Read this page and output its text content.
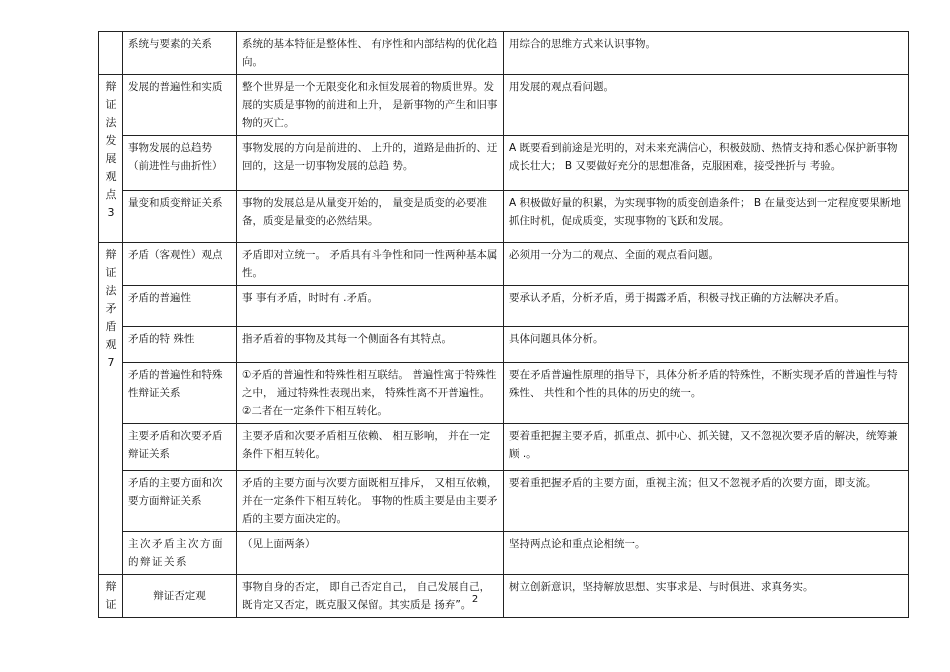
	系统与要素的关系	系统的基本特征是整体性、 有序性和内部结构的优化趋向。	用综合的思维方式来认识事物。
辩证法发展观点3	发展的普遍性和实质	整个世界是一个无限变化和永恒发展着的物质世界。发展的实质是事物的前进和上升， 是新事物的产生和旧事物的灭亡。	用发展的观点看问题。
	事物发展的总趋势（前进性与曲折性）	事物发展的方向是前进的、 上升的，道路是曲折的、迂回的，这是一切事物发展的总趋 势。	A 既要看到前途是光明的，对未来充满信心，积极鼓励、热情支持和悉心保护新事物成长壮大； B 又要做好充分的思想准备，克服困难，接受挫折与 考验。
	量变和质变辩证关系	事物的发展总是从量变开始的， 量变是质变的必要准备，质变是量变的必然结果。	A 积极做好量的积累，为实现事物的质变创造条件； B 在量变达到一定程度要果断地抓住时机，促成质变，实现事物的飞跃和发展。
辩证法矛盾观7	矛盾（客观性）观点	矛盾即对立统一。 矛盾具有斗争性和同一性两种基本属性。	必须用一分为二的观点、全面的观点看问题。
	矛盾的普遍性	事 事有矛盾，时时有 .矛盾。	要承认矛盾，分析矛盾，勇于揭露矛盾，积极寻找正确的方法解决矛盾。
	矛盾的特 殊性	指矛盾着的事物及其每一个侧面各有其特点。	具体问题具体分析。
	矛盾的普遍性和特殊性辩证关系	①矛盾的普遍性和特殊性相互联结。 普遍性寓于特殊性之中， 通过特殊性表现出来， 特殊性离不开普遍性。②二者在一定条件下相互转化。	要在矛盾普遍性原理的指导下，具体分析矛盾的特殊性，不断实现矛盾的普遍性与特殊性、 共性和个性的具体的历史的统一。
	主要矛盾和次要矛盾辩证关系	主要矛盾和次要矛盾相互依赖、 相互影响， 并在一定条件下相互转化。	要着重把握主要矛盾，抓重点、抓中心、抓关键，又不忽视次要矛盾的解决，统筹兼顾 .。
	矛盾的主要方面和次要方面辩证关系	矛盾的主要方面与次要方面既相互排斥， 又相互依赖，并在一定条件下相互转化。 事物的性质主要是由主要矛盾的主要方面决定的。	要着重把握矛盾的主要方面，重视主流；但又不忽视矛盾的次要方面，即支流。
	主次矛盾主次方面的辩证关系	（见上面两条）	坚持两点论和重点论相统一。
辩证	辩证否定观	事物自身的否定， 即自己否定自己， 自己发展自己，既肯定又否定，既克服又保留。其实质是 扬弃”。	树立创新意识，坚持解放思想、实事求是、与时俱进、求真务实。
2
